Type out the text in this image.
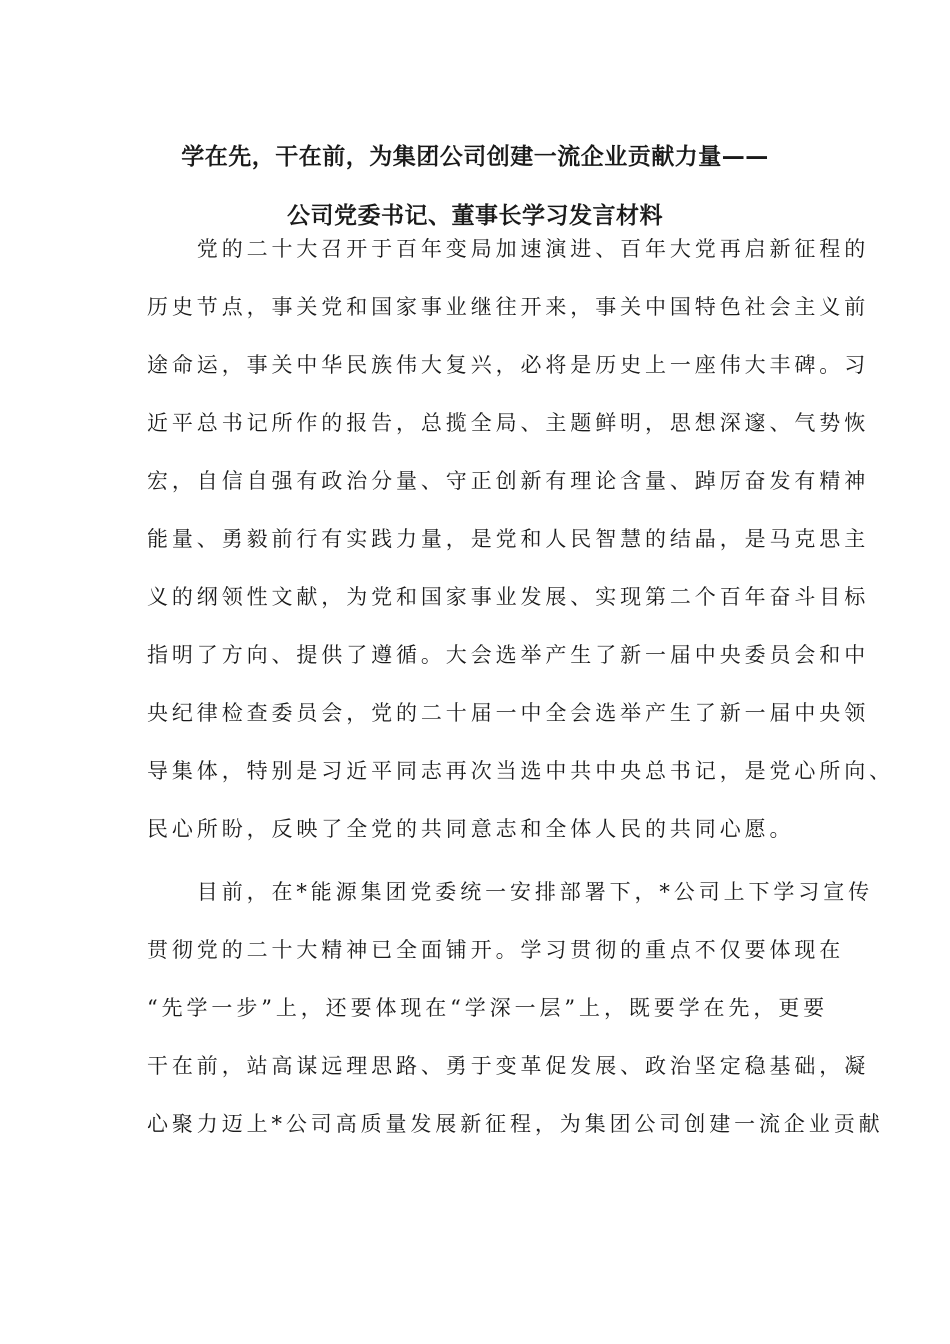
学在先，干在前，为集团公司创建一流企业贡献力量——
公司党委书记、董事长学习发言材料
　　党的二十大召开于百年变局加速演进、百年大党再启新征程的
历史节点，事关党和国家事业继往开来，事关中国特色社会主义前
途命运，事关中华民族伟大复兴，必将是历史上一座伟大丰碑。习
近平总书记所作的报告，总揽全局、主题鲜明，思想深邃、气势恢
宏，自信自强有政治分量、守正创新有理论含量、踔厉奋发有精神
能量、勇毅前行有实践力量，是党和人民智慧的结晶，是马克思主
义的纲领性文献，为党和国家事业发展、实现第二个百年奋斗目标
指明了方向、提供了遵循。大会选举产生了新一届中央委员会和中
央纪律检查委员会，党的二十届一中全会选举产生了新一届中央领
导集体，特别是习近平同志再次当选中共中央总书记，是党心所向、
民心所盼，反映了全党的共同意志和全体人民的共同心愿。
　　目前，在*能源集团党委统一安排部署下，*公司上下学习宣传
贯彻党的二十大精神已全面铺开。学习贯彻的重点不仅要体现在
“先学一步”上，还要体现在“学深一层”上，既要学在先，更要
干在前，站高谋远理思路、勇于变革促发展、政治坚定稳基础，凝
心聚力迈上*公司高质量发展新征程，为集团公司创建一流企业贡献
